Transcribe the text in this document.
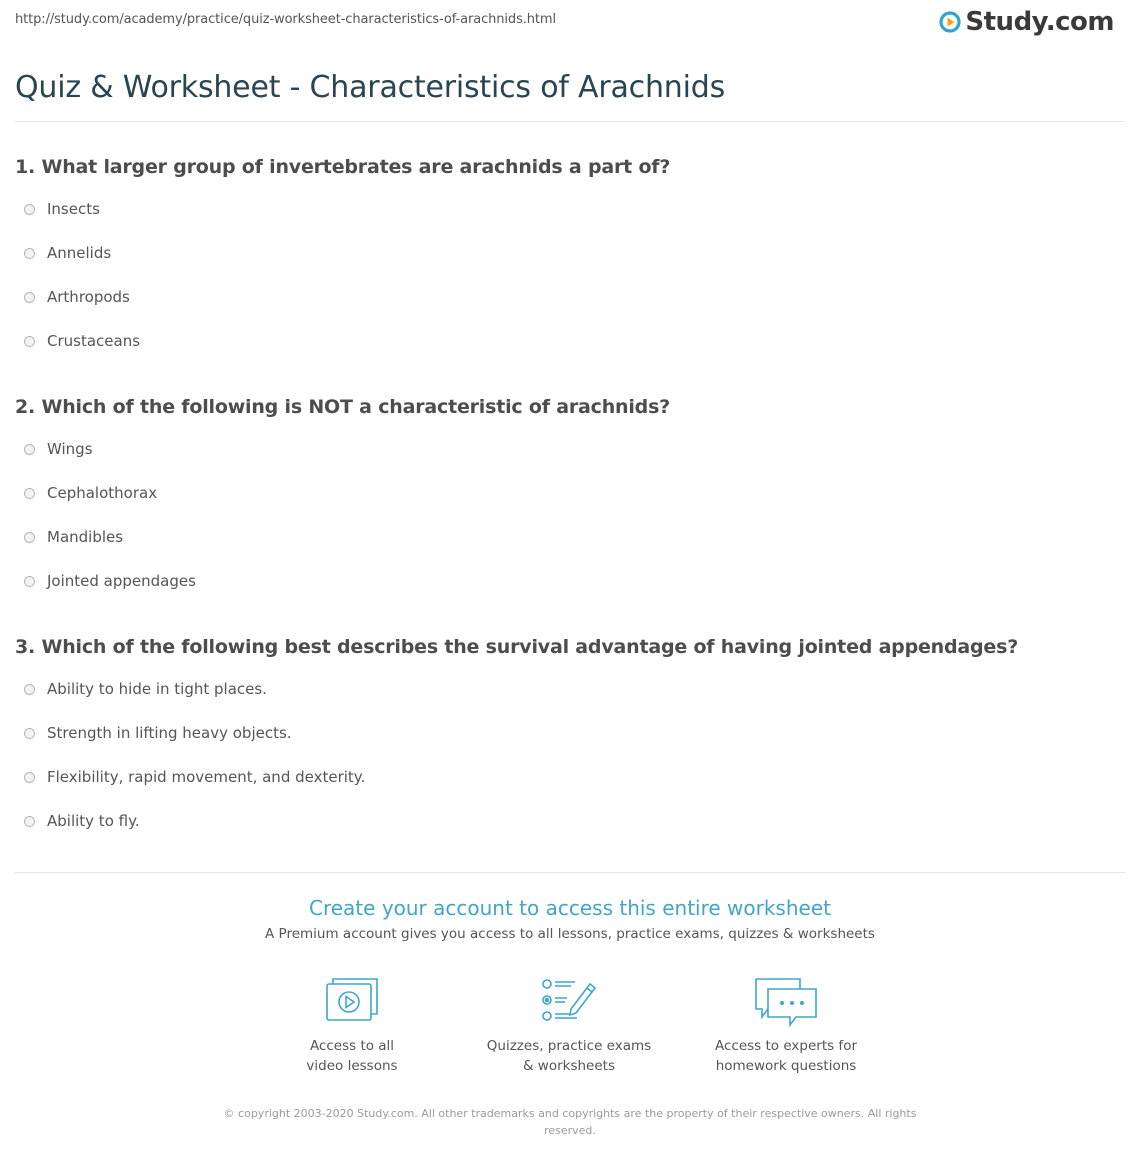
http://study.com/academy/practice/quiz-worksheet-characteristics-of-arachnids.html	Study.com
Quiz & Worksheet - Characteristics of Arachnids
1. What larger group of invertebrates are arachnids a part of?
Insects
Annelids
Arthropods
Crustaceans
2. Which of the following is NOT a characteristic of arachnids?
Wings
Cephalothorax
Mandibles
Jointed appendages
3. Which of the following best describes the survival advantage of having jointed appendages?
Ability to hide in tight places.
Strength in lifting heavy objects.
Flexibility, rapid movement, and dexterity.
Ability to fly.
Create your account to access this entire worksheet
A Premium account gives you access to all lessons, practice exams, quizzes & worksheets
Access to all
video lessons
Quizzes, practice exams
& worksheets
Access to experts for
homework questions
© copyright 2003-2020 Study.com. All other trademarks and copyrights are the property of their respective owners. All rights
reserved.
